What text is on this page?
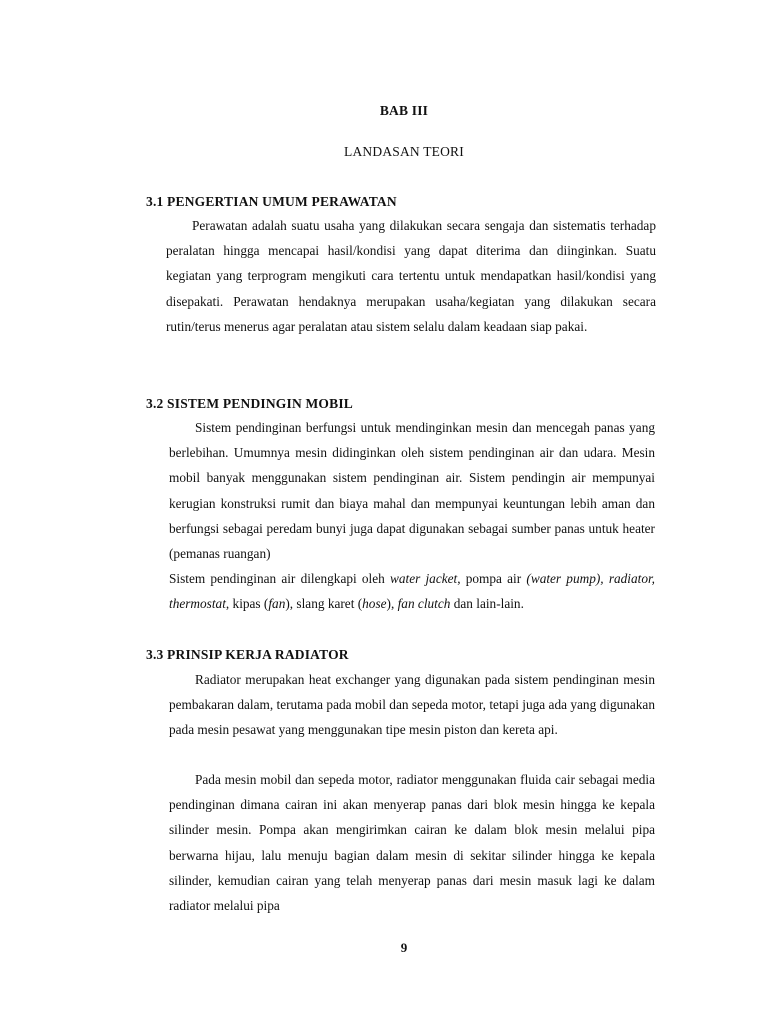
BAB III
LANDASAN TEORI
3.1 PENGERTIAN UMUM PERAWATAN

Perawatan adalah suatu usaha yang dilakukan secara sengaja dan sistematis terhadap peralatan hingga mencapai hasil/kondisi yang dapat diterima dan diinginkan. Suatu kegiatan yang terprogram mengikuti cara tertentu untuk mendapatkan hasil/kondisi yang disepakati. Perawatan hendaknya merupakan usaha/kegiatan yang dilakukan secara rutin/terus menerus agar peralatan atau sistem selalu dalam keadaan siap pakai.

3.2 SISTEM PENDINGIN MOBIL

Sistem pendinginan berfungsi untuk mendinginkan mesin dan mencegah panas yang berlebihan. Umumnya mesin didinginkan oleh sistem pendinginan air dan udara. Mesin mobil banyak menggunakan sistem pendinginan air. Sistem pendingin air mempunyai kerugian konstruksi rumit dan biaya mahal dan mempunyai keuntungan lebih aman dan berfungsi sebagai peredam bunyi juga dapat digunakan sebagai sumber panas untuk heater (pemanas ruangan)

Sistem pendinginan air dilengkapi oleh water jacket, pompa air (water pump), radiator, thermostat, kipas (fan), slang karet (hose), fan clutch dan lain-lain.

3.3 PRINSIP KERJA RADIATOR

Radiator merupakan heat exchanger yang digunakan pada sistem pendinginan mesin pembakaran dalam, terutama pada mobil dan sepeda motor, tetapi juga ada yang digunakan pada mesin pesawat yang menggunakan tipe mesin piston dan kereta api.

Pada mesin mobil dan sepeda motor, radiator menggunakan fluida cair sebagai media pendinginan dimana cairan ini akan menyerap panas dari blok mesin hingga ke kepala silinder mesin. Pompa akan mengirimkan cairan ke dalam blok mesin melalui pipa berwarna hijau, lalu menuju bagian dalam mesin di sekitar silinder hingga ke kepala silinder, kemudian cairan yang telah menyerap panas dari mesin masuk lagi ke dalam radiator melalui pipa

9
